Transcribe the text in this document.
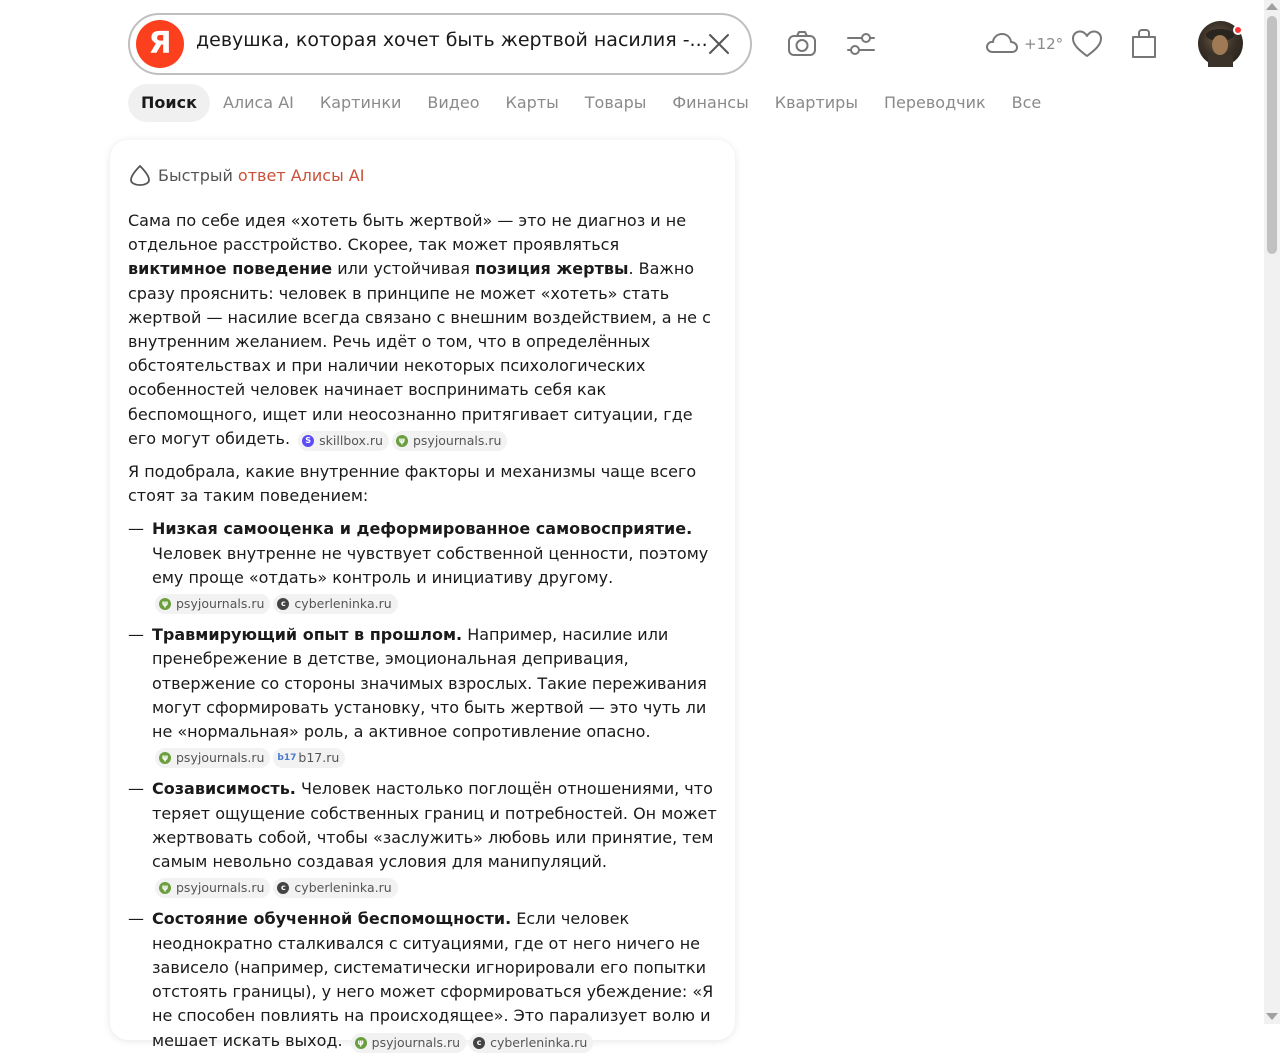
Я	девушка, которая хочет быть жертвой насилия -...	+12°
Поиск	Алиса AI	Картинки	Видео	Карты	Товары	Финансы	Квартиры	Переводчик	Все
Быстрый ответ Алисы AI

Сама по себе идея «хотеть быть жертвой» — это не диагноз и не отдельное расстройство. Скорее, так может проявляться виктимное поведение или устойчивая позиция жертвы. Важно сразу прояснить: человек в принципе не может «хотеть» стать жертвой — насилие всегда связано с внешним воздействием, а не с внутренним желанием. Речь идёт о том, что в определённых обстоятельствах и при наличии некоторых психологических особенностей человек начинает воспринимать себя как беспомощного, ищет или неосознанно притягивает ситуации, где его могут обидеть.	S skillbox.ru	ψ psyjournals.ru

Я подобрала, какие внутренние факторы и механизмы чаще всего стоят за таким поведением:

— Низкая самооценка и деформированное самовосприятие. Человек внутренне не чувствует собственной ценности, поэтому ему проще «отдать» контроль и инициативу другому.
ψ psyjournals.ru	c cyberleninka.ru
— Травмирующий опыт в прошлом. Например, насилие или пренебрежение в детстве, эмоциональная депривация, отвержение со стороны значимых взрослых. Такие переживания могут сформировать установку, что быть жертвой — это чуть ли не «нормальная» роль, а активное сопротивление опасно.
ψ psyjournals.ru b17 b17.ru
— Созависимость. Человек настолько поглощён отношениями, что теряет ощущение собственных границ и потребностей. Он может жертвовать собой, чтобы «заслужить» любовь или принятие, тем самым невольно создавая условия для манипуляций.
ψ psyjournals.ru	c cyberleninka.ru
— Состояние обученной беспомощности. Если человек неоднократно сталкивался с ситуациями, где от него ничего не зависело (например, систематически игнорировали его попытки отстоять границы), у него может сформироваться убеждение: «Я не способен повлиять на происходящее». Это парализует волю и мешает искать выход.	ψ psyjournals.ru	c cyberleninka.ru
